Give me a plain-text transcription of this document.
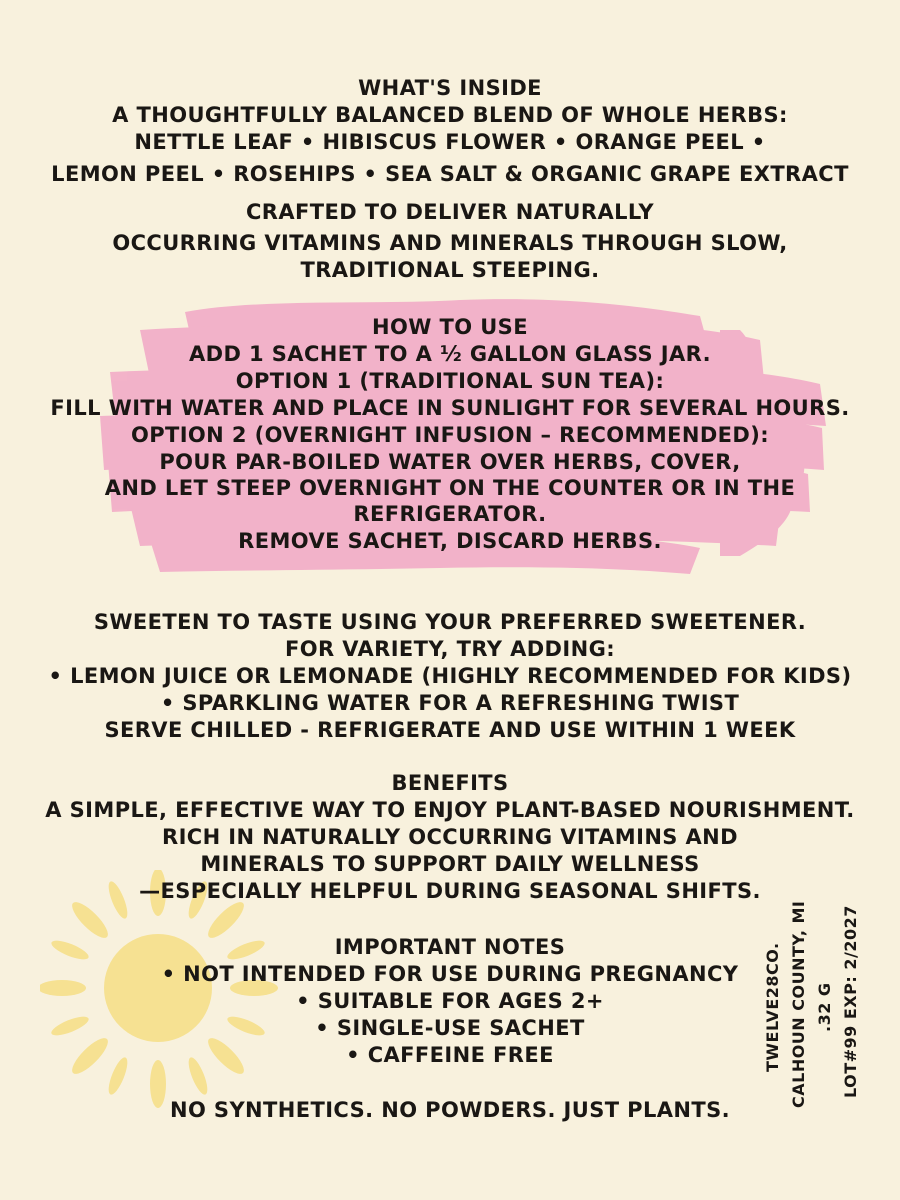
WHAT'S INSIDE
A THOUGHTFULLY BALANCED BLEND OF WHOLE HERBS:
NETTLE LEAF • HIBISCUS FLOWER • ORANGE PEEL •
LEMON PEEL • ROSEHIPS • SEA SALT & ORGANIC GRAPE EXTRACT
CRAFTED TO DELIVER NATURALLY
OCCURRING VITAMINS AND MINERALS THROUGH SLOW,
TRADITIONAL STEEPING.
HOW TO USE
ADD 1 SACHET TO A ½ GALLON GLASS JAR.
OPTION 1 (TRADITIONAL SUN TEA):
FILL WITH WATER AND PLACE IN SUNLIGHT FOR SEVERAL HOURS.
OPTION 2 (OVERNIGHT INFUSION – RECOMMENDED):
POUR PAR-BOILED WATER OVER HERBS, COVER,
AND LET STEEP OVERNIGHT ON THE COUNTER OR IN THE
REFRIGERATOR.
REMOVE SACHET, DISCARD HERBS.
SWEETEN TO TASTE USING YOUR PREFERRED SWEETENER.
FOR VARIETY, TRY ADDING:
• LEMON JUICE OR LEMONADE (HIGHLY RECOMMENDED FOR KIDS)
• SPARKLING WATER FOR A REFRESHING TWIST
SERVE CHILLED - REFRIGERATE AND USE WITHIN 1 WEEK
BENEFITS
A SIMPLE, EFFECTIVE WAY TO ENJOY PLANT-BASED NOURISHMENT.
RICH IN NATURALLY OCCURRING VITAMINS AND
MINERALS TO SUPPORT DAILY WELLNESS
—ESPECIALLY HELPFUL DURING SEASONAL SHIFTS.
IMPORTANT NOTES
• NOT INTENDED FOR USE DURING PREGNANCY
• SUITABLE FOR AGES 2+
• SINGLE-USE SACHET
• CAFFEINE FREE
NO SYNTHETICS. NO POWDERS. JUST PLANTS.
TWELVE28CO. CALHOUN COUNTY, MI .32 G LOT#99 EXP: 2/2027
